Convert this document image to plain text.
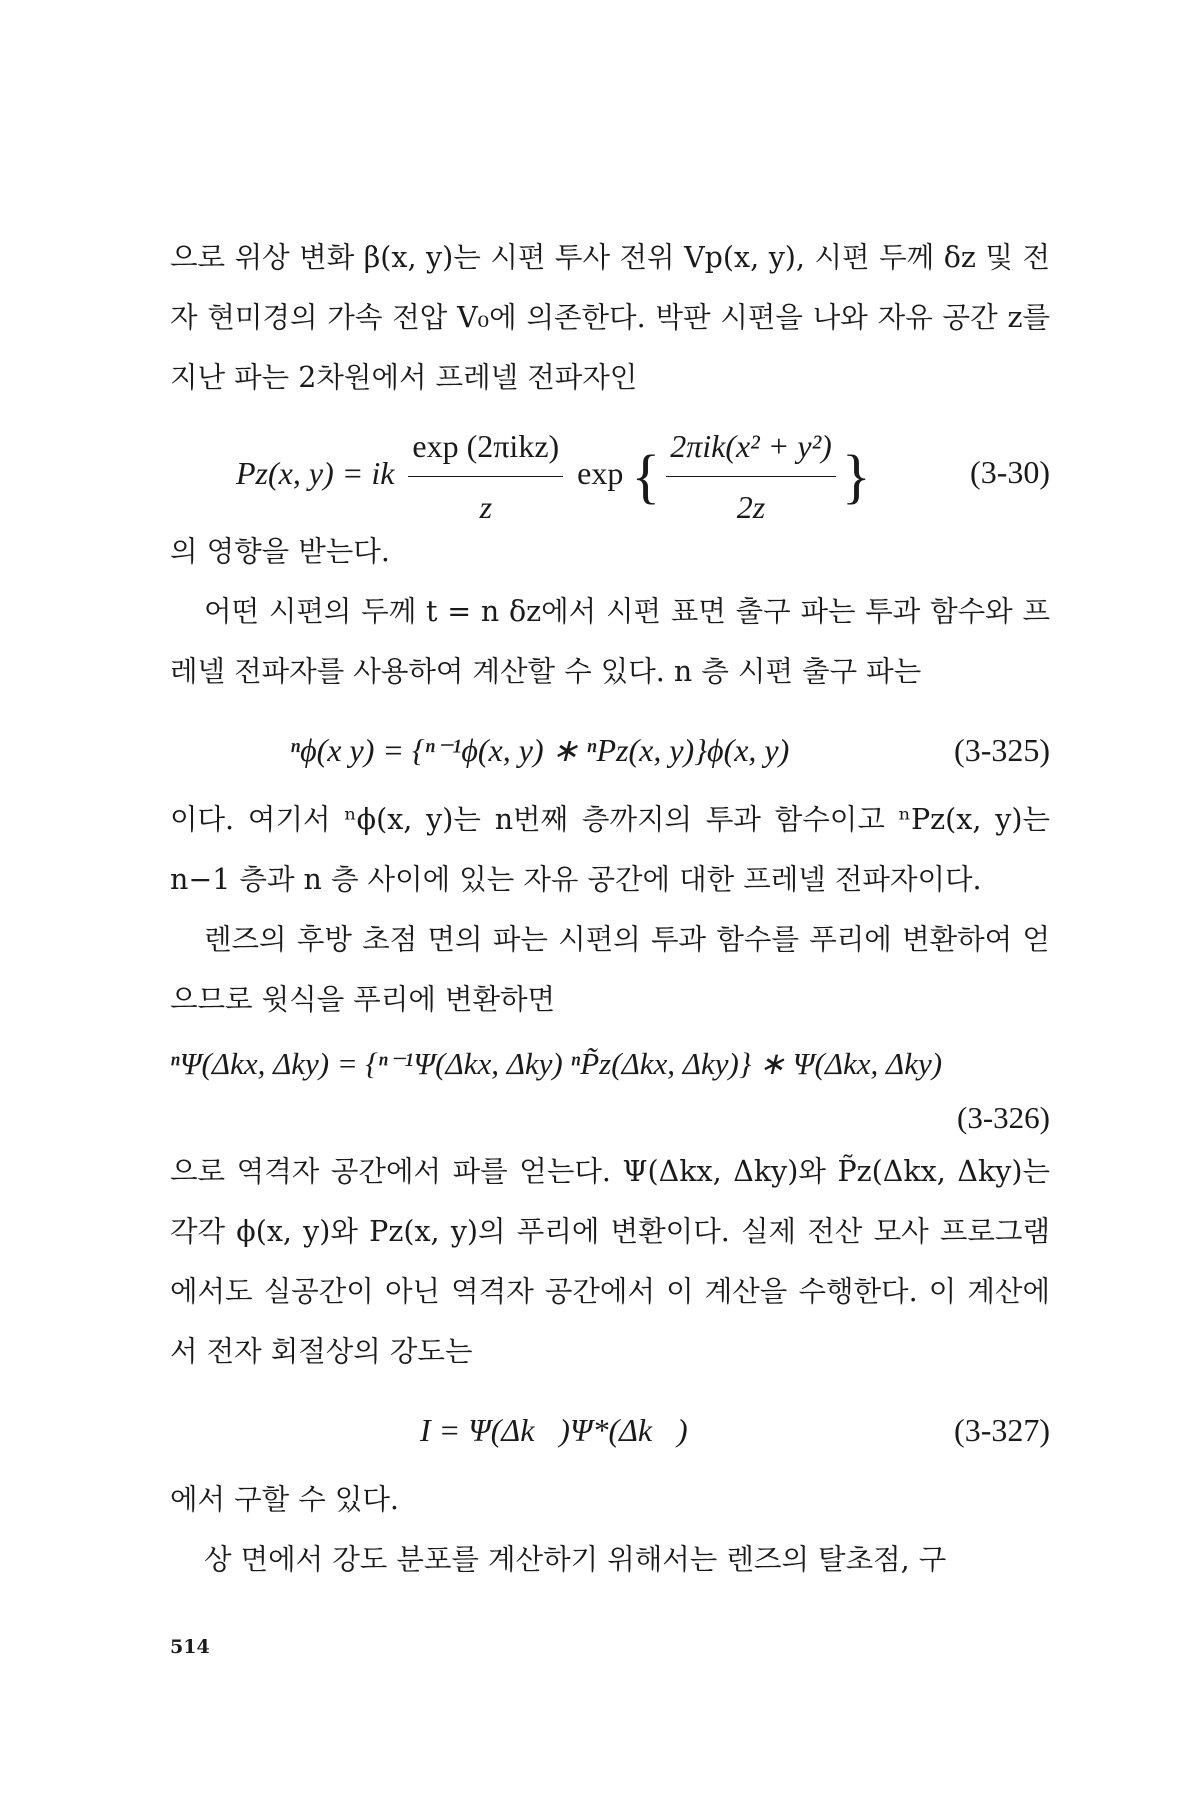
으로 위상 변화 β(x, y)는 시편 투사 전위 Vp(x, y), 시편 두께 δz 및 전자 현미경의 가속 전압 V₀에 의존한다. 박판 시편을 나와 자유 공간 z를 지난 파는 2차원에서 프레넬 전파자인

Pz(x, y) = ik $\frac{\text{exp (2πikz)}}{z}$ exp { $\frac{\text{2πik(x² + y²)}}{2z}$ }	(3-30)

의 영향을 받는다.

어떤 시편의 두께 t = n δz에서 시편 표면 출구 파는 투과 함수와 프레넬 전파자를 사용하여 계산할 수 있다. n 층 시편 출구 파는

ⁿϕ(x y) = {ⁿ⁻¹ϕ(x, y) ∗ ⁿPz(x, y)}ϕ(x, y)	(3-325)

이다. 여기서 ⁿϕ(x, y)는 n번째 층까지의 투과 함수이고 ⁿPz(x, y)는 n−1 층과 n 층 사이에 있는 자유 공간에 대한 프레넬 전파자이다.

렌즈의 후방 초점 면의 파는 시편의 투과 함수를 푸리에 변환하여 얻으므로 윗식을 푸리에 변환하면

ⁿΨ(Δkx, Δky) = {ⁿ⁻¹Ψ(Δkx, Δky) ⁿP̃z(Δkx, Δky)} ∗ Ψ(Δkx, Δky)
(3-326)

으로 역격자 공간에서 파를 얻는다. Ψ(Δkx, Δky)와 P̃z(Δkx, Δky)는 각각 ϕ(x, y)와 Pz(x, y)의 푸리에 변환이다. 실제 전산 모사 프로그램에서도 실공간이 아닌 역격자 공간에서 이 계산을 수행한다. 이 계산에서 전자 회절상의 강도는

I = Ψ(Δk⃗)Ψ*(Δk⃗)	(3-327)

에서 구할 수 있다.

상 면에서 강도 분포를 계산하기 위해서는 렌즈의 탈초점, 구

514
